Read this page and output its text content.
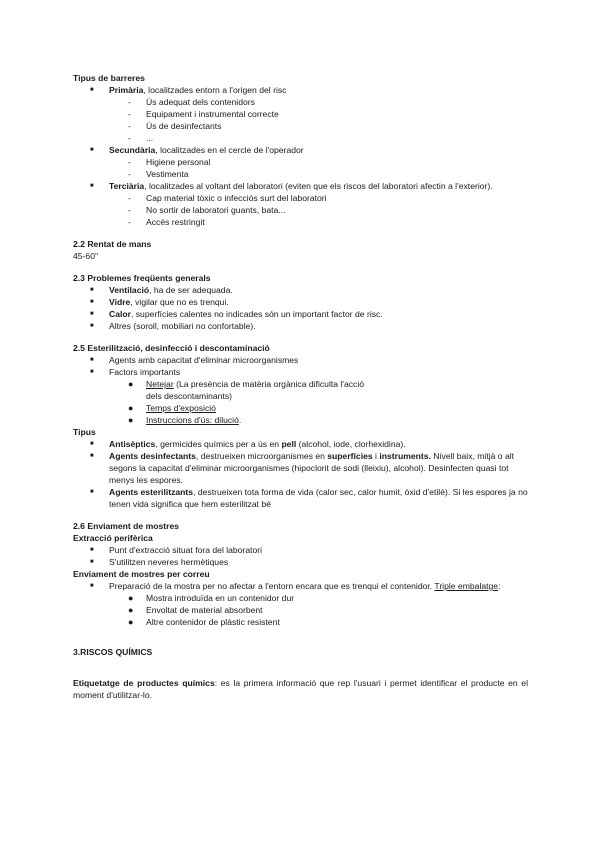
Tipus de barreres

■	Primària, localitzades entorn a l'origen del risc
-	Ús adequat dels contenidors
-	Equipament i instrumental correcte
-	Ús de desinfectants
-	...
■	Secundària, localitzades en el cercle de l'operador
-	Higiene personal
-	Vestimenta
■	Terciària, localitzades al voltant del laboratori (eviten que els riscos del laboratori afectin a l'exterior).
-	Cap material tòxic o infecciós surt del laboratori
-	No sortir de laboratori guants, bata...
-	Accés restringit

2.2 Rentat de mans

45-60''

2.3 Problemes freqüents generals

■	Ventilació, ha de ser adequada.
■	Vidre, vigilar que no es trenqui.
■	Calor, superfícies calentes no indicades són un important factor de risc.
■	Altres (soroll, mobiliari no confortable).

2.5 Esterilització, desinfecció i descontaminació

■	Agents amb capacitat d'eliminar microorganismes
■	Factors importants
●	Netejar (La presència de matèria orgànica dificulta l'acció dels descontaminants)
●	Temps d'exposició
●	Instruccions d'ús: dilució.

Tipus

■	Antisèptics, germicides químics per a ús en pell (alcohol, iode, clorhexidina).
■	Agents desinfectants, destrueixen microorganismes en superfícies i instruments. Nivell baix, mitjà o alt segons la capacitat d'eliminar microorganismes (hipoclorit de sodi (lleixiu), alcohol). Desinfecten quasi tot menys les espores.
■	Agents esterilitzants, destrueixen tota forma de vida (calor sec, calor humit, òxid d'etilè). Si les espores ja no tenen vida significa que hem esterilitzat bé

2.6 Enviament de mostres

Extracció perifèrica

■	Punt d'extracció situat fora del laboratori
■	S'utilitzen neveres hermètiques

Enviament de mostres per correu

■	Preparació de la mostra per no afectar a l'entorn encara que es trenqui el contenidor. Triple embalatge:
●	Mostra introduïda en un contenidor dur
●	Envoltat de material absorbent
●	Altre contenidor de plàstic resistent

3.RISCOS QUÍMICS

Etiquetatge de productes químics: es la primera informació que rep l'usuari i permet identificar el producte en el moment d'utilitzar-lo.
